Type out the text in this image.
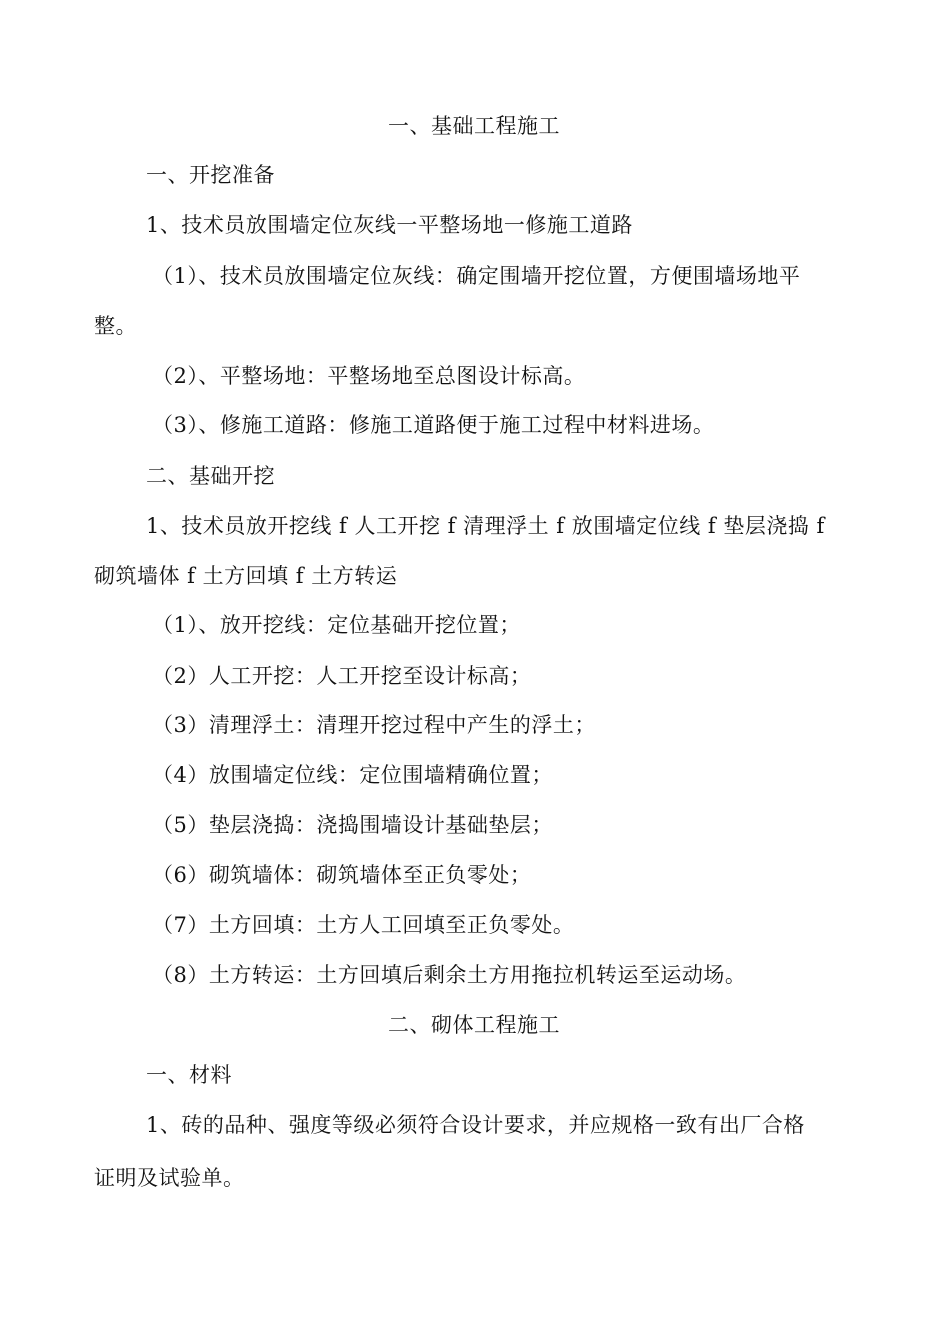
一、基础工程施工
一、开挖准备
1、技术员放围墙定位灰线一平整场地一修施工道路
（1）、技术员放围墙定位灰线：确定围墙开挖位置，方便围墙场地平
整。
（2）、平整场地：平整场地至总图设计标高。
（3）、修施工道路：修施工道路便于施工过程中材料进场。
二、基础开挖
1、技术员放开挖线 f 人工开挖 f 清理浮土 f 放围墙定位线 f 垫层浇捣 f
砌筑墙体 f 土方回填 f 土方转运
（1）、放开挖线：定位基础开挖位置；
（2）人工开挖：人工开挖至设计标高；
（3）清理浮土：清理开挖过程中产生的浮土；
（4）放围墙定位线：定位围墙精确位置；
（5）垫层浇捣：浇捣围墙设计基础垫层；
（6）砌筑墙体：砌筑墙体至正负零处；
（7）土方回填：土方人工回填至正负零处。
（8）土方转运：土方回填后剩余土方用拖拉机转运至运动场。
二、砌体工程施工
一、材料
1、砖的品种、强度等级必须符合设计要求，并应规格一致有出厂合格
证明及试验单。
